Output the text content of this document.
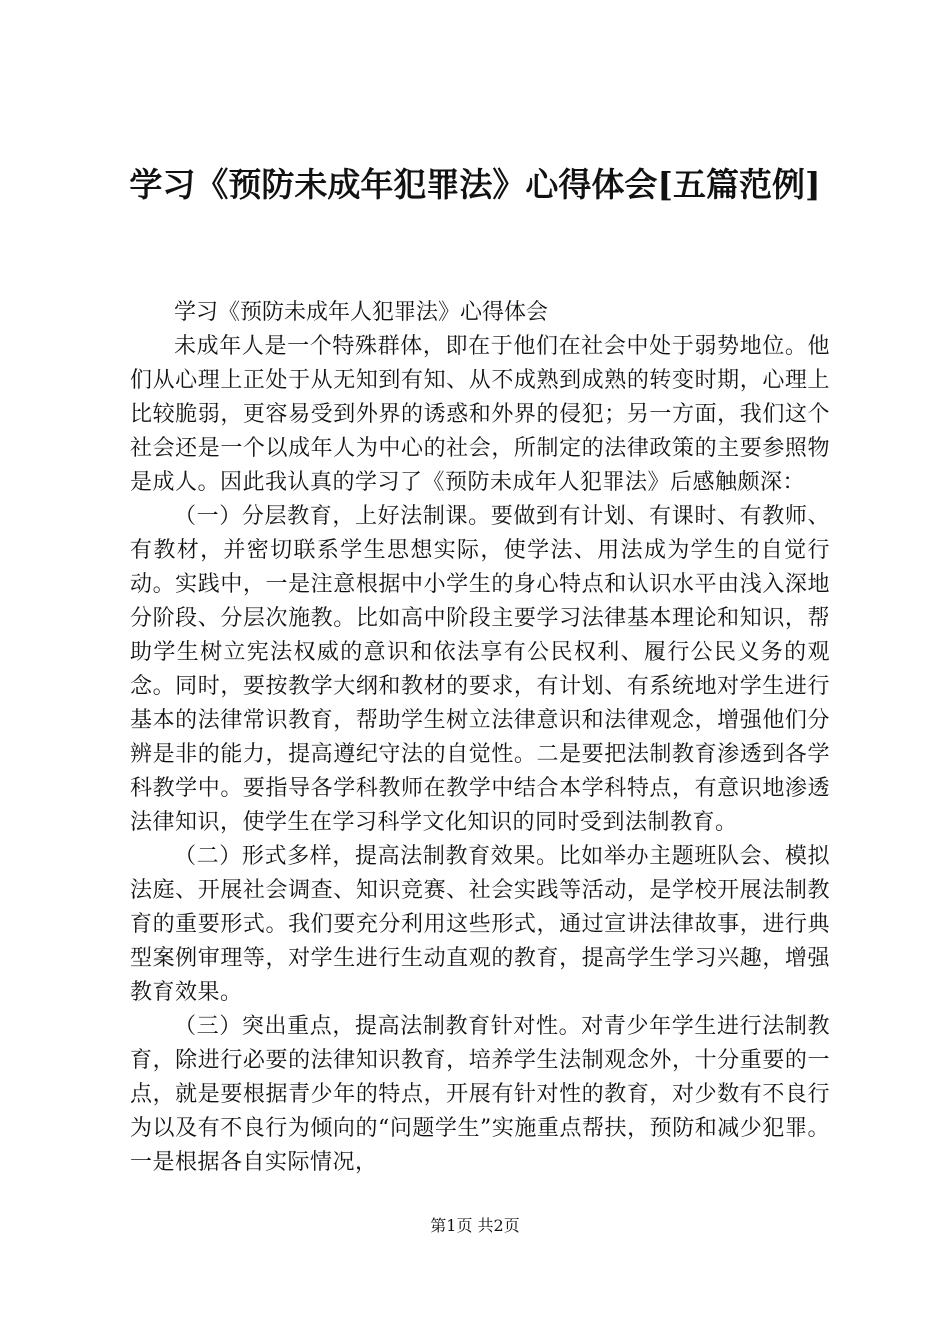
学习《预防未成年犯罪法》心得体会[五篇范例]

学习《预防未成年人犯罪法》心得体会

未成年人是一个特殊群体，即在于他们在社会中处于弱势地位。他们从心理上正处于从无知到有知、从不成熟到成熟的转变时期，心理上比较脆弱，更容易受到外界的诱惑和外界的侵犯；另一方面，我们这个社会还是一个以成年人为中心的社会，所制定的法律政策的主要参照物是成人。因此我认真的学习了《预防未成年人犯罪法》后感触颇深：

（一）分层教育，上好法制课。要做到有计划、有课时、有教师、有教材，并密切联系学生思想实际，使学法、用法成为学生的自觉行动。实践中，一是注意根据中小学生的身心特点和认识水平由浅入深地分阶段、分层次施教。比如高中阶段主要学习法律基本理论和知识，帮助学生树立宪法权威的意识和依法享有公民权利、履行公民义务的观念。同时，要按教学大纲和教材的要求，有计划、有系统地对学生进行基本的法律常识教育，帮助学生树立法律意识和法律观念，增强他们分辨是非的能力，提高遵纪守法的自觉性。二是要把法制教育渗透到各学科教学中。要指导各学科教师在教学中结合本学科特点，有意识地渗透法律知识，使学生在学习科学文化知识的同时受到法制教育。

（二）形式多样，提高法制教育效果。比如举办主题班队会、模拟法庭、开展社会调查、知识竞赛、社会实践等活动，是学校开展法制教育的重要形式。我们要充分利用这些形式，通过宣讲法律故事，进行典型案例审理等，对学生进行生动直观的教育，提高学生学习兴趣，增强教育效果。

（三）突出重点，提高法制教育针对性。对青少年学生进行法制教育，除进行必要的法律知识教育，培养学生法制观念外，十分重要的一点，就是要根据青少年的特点，开展有针对性的教育，对少数有不良行为以及有不良行为倾向的“问题学生”实施重点帮扶，预防和减少犯罪。一是根据各自实际情况，

第1页 共2页
